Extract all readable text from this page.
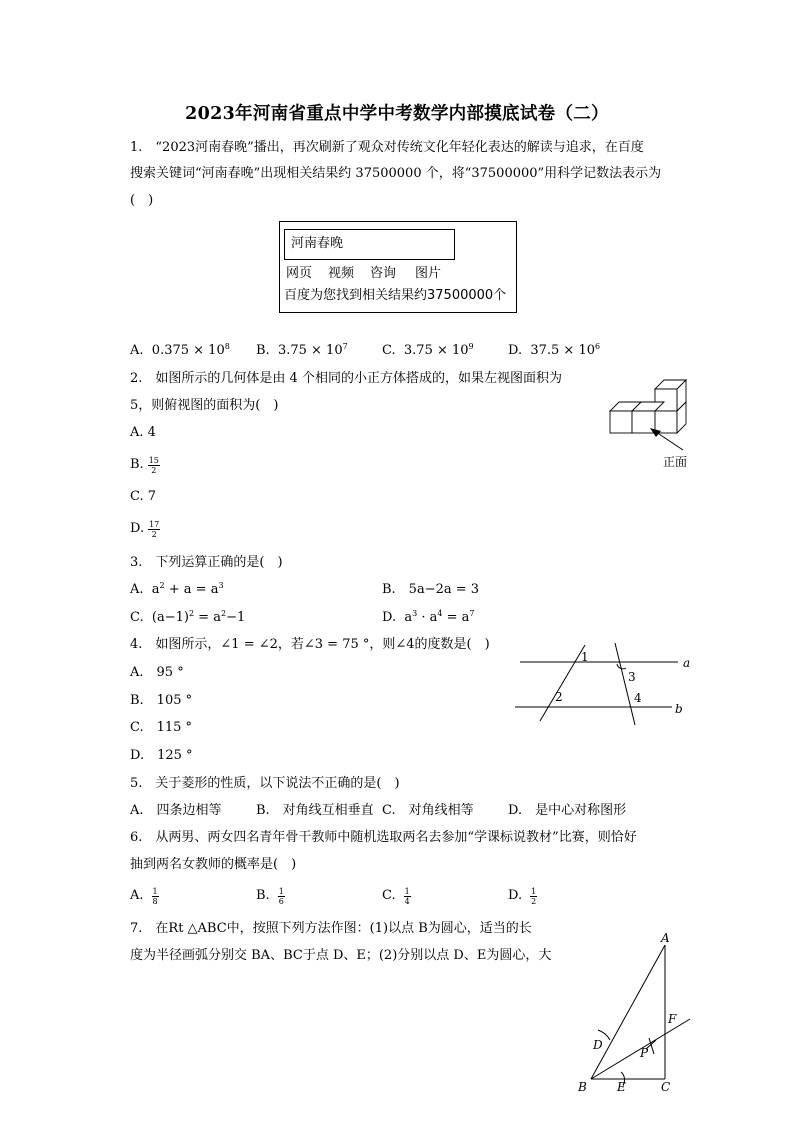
2023年河南省重点中学中考数学内部摸底试卷（二）
1.　“2023河南春晚”播出，再次刷新了观众对传统文化年轻化表达的解读与追求，在百度
搜索关键词“河南春晚”出现相关结果约 37500000 个，将“37500000”用科学记数法表示为
(　)
河南春晚
网页 视频 咨询 图片
百度为您找到相关结果约37500000个
A. $0.375 \times 10^8$ B. $3.75 \times 10^7$	C. $3.75 \times 10^9$	D. $37.5 \times 10^6$
2.　如图所示的几何体是由 4 个相同的小正方体搭成的，如果左视图面积为
5，则俯视图的面积为(　)
A. 4
B. $\frac{15}{2}$
C. 7
D. $\frac{17}{2}$
正面
3.　下列运算正确的是(　)
A.  $a^2 + a = a^3$	B.　5a−2a = 3
C.  $(a-1)^2 = a^2-1$	D.  $a^3 \cdot a^4 = a^7$
4.　如图所示，∠1 = ∠2，若∠3 = 75 °，则∠4的度数是(　)
A.　95 °
B.　105 °
C.　115 °
D.　125 °
1
2
3
4
a
b
5.　关于菱形的性质，以下说法不正确的是(　)
A.　四条边相等	B.　对角线互相垂直 C.　对角线相等	D.　是中心对称图形
6.　从两男、两女四名青年骨干教师中随机选取两名去参加“学课标说教材”比赛，则恰好
抽到两名女教师的概率是(　)
A. $\frac{1}{8}$	B. $\frac{1}{6}$	C. $\frac{1}{4}$	D. $\frac{1}{2}$
7.　在Rt △ABC中，按照下列方法作图：(1)以点 B为圆心，适当的长
度为半径画弧分别交 BA、BC于点 D、E；(2)分别以点 D、E为圆心，大
A
B	C
D
E
F
P
